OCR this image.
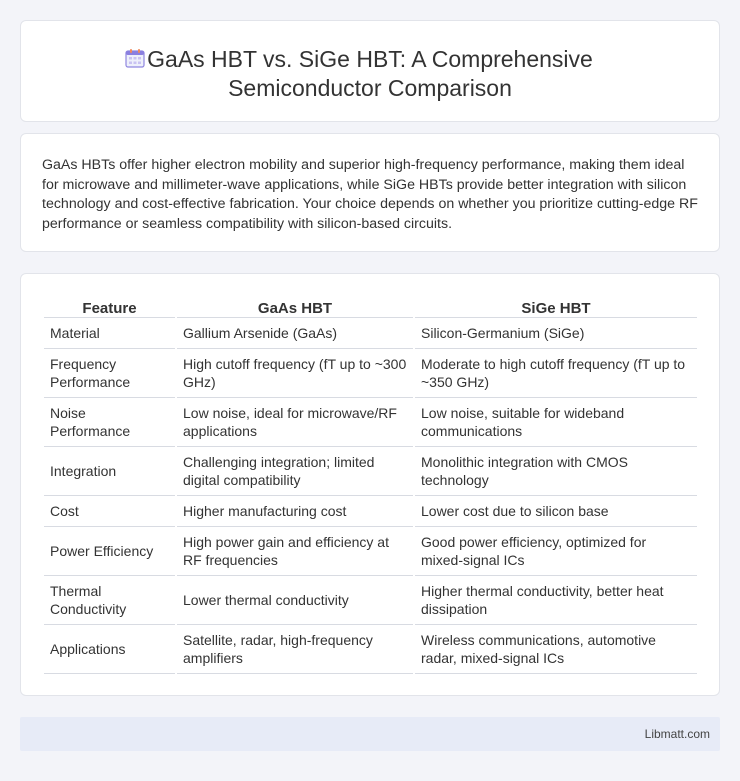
GaAs HBT vs. SiGe HBT: A Comprehensive
Semiconductor Comparison

GaAs HBTs offer higher electron mobility and superior high-frequency performance, making them ideal for microwave and millimeter-wave applications, while SiGe HBTs provide better integration with silicon technology and cost-effective fabrication. Your choice depends on whether you prioritize cutting-edge RF performance or seamless compatibility with silicon-based circuits.

Feature	GaAs HBT	SiGe HBT
Material	Gallium Arsenide (GaAs)	Silicon-Germanium (SiGe)
Frequency Performance	High cutoff frequency (fT up to ~300 GHz)	Moderate to high cutoff frequency (fT up to ~350 GHz)
Noise Performance	Low noise, ideal for microwave/RF applications	Low noise, suitable for wideband communications
Integration	Challenging integration; limited digital compatibility	Monolithic integration with CMOS technology
Cost	Higher manufacturing cost	Lower cost due to silicon base
Power Efficiency	High power gain and efficiency at RF frequencies	Good power efficiency, optimized for mixed-signal ICs
Thermal Conductivity	Lower thermal conductivity	Higher thermal conductivity, better heat dissipation
Applications	Satellite, radar, high-frequency amplifiers	Wireless communications, automotive radar, mixed-signal ICs
Libmatt.com
